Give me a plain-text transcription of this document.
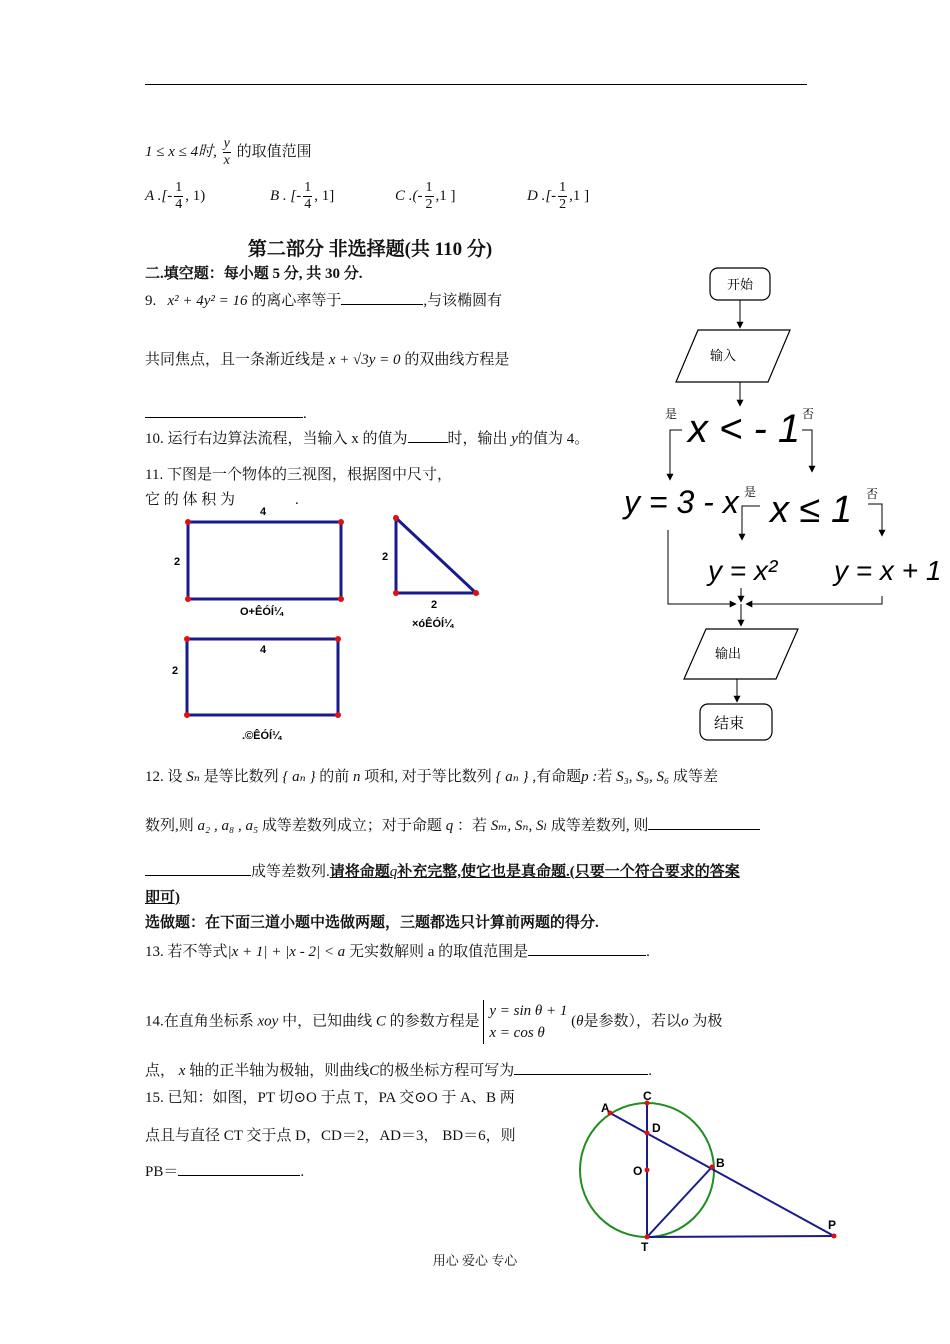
1 ≤ x ≤ 4时, $\frac{y}{x}$ 的取值范围
A .[- $\frac{1}{4}$ , 1)	B . [- $\frac{1}{4}$ , 1]	C .(- $\frac{1}{2} ,1$ ]	D .[- $\frac{1}{2} ,1$ ]
第二部分 非选择题(共 110 分)
二.填空题：每小题 5 分, 共 30 分.
9. x² + 4y² = 16 的离心率等于	,与该椭圆有
共同焦点，且一条渐近线是 x + √3y = 0 的双曲线方程是
.
10. 运行右边算法流程，当输入 x 的值为	时，输出 y的值为 4。
11. 下图是一个物体的三视图，根据图中尺寸，
它 的 体 积 为	.
4
2
O+ÊÓÍ¼
2
2
×óÊÓÍ¼
4
2
.©ÊÓÍ¼
开始
输入
x < - 1
是	否
y = 3 - x 是	否
x ≤ 1
y = x² y = x + 1
输出
结束
12. 设 Sₙ 是等比数列 { aₙ } 的前 n 项和, 对于等比数列 { aₙ } ,有命题p :若 S₃, S₉, S₆ 成等差
数列,则 a₂ , a₈ , a₅ 成等差数列成立；对于命题 q ：若 Sₘ, Sₙ, Sₗ 成等差数列, 则
成等差数列.请将命题q补充完整,使它也是真命题.(只要一个符合要求的答案
即可)
选做题：在下面三道小题中选做两题，三题都选只计算前两题的得分.
13. 若不等式|x + 1| + |x - 2| < a 无实数解则 a 的取值范围是	.
14.在直角坐标系 xoy 中，已知曲线 C 的参数方程是
y = sin θ + 1
x = cos θ
(θ是参数），若以o 为极
点， x 轴的正半轴为极轴，则曲线C的极坐标方程可写为	.
15. 已知：如图，PT 切⊙O 于点 T，PA 交⊙O 于 A、B 两
点且与直径 CT 交于点 D，CD＝2，AD＝3， BD＝6，则
PB＝	.
A
C
D
O
B
P
T
用心 爱心 专心
